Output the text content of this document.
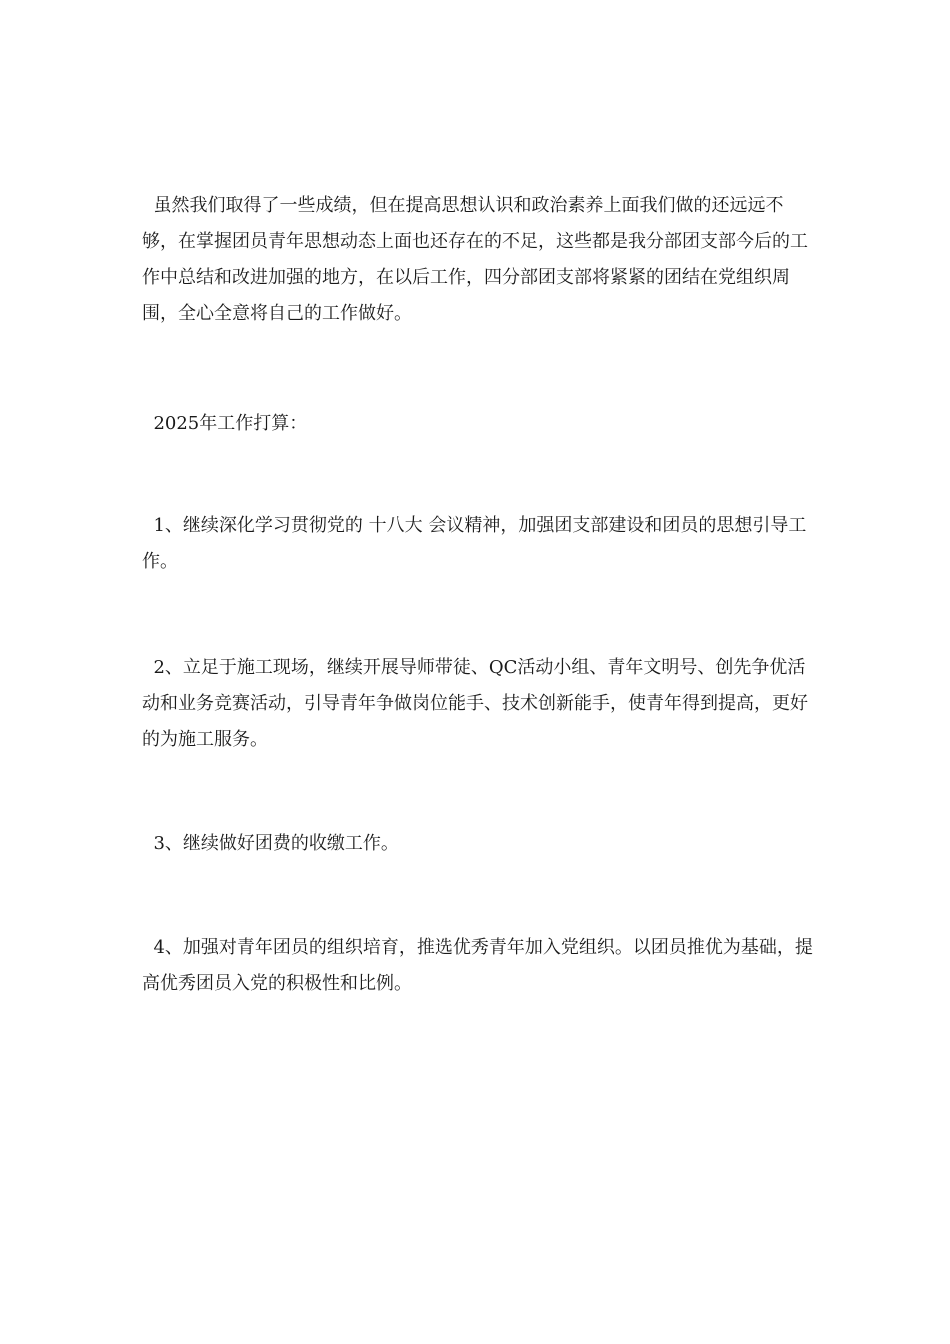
虽然我们取得了一些成绩，但在提高思想认识和政治素养上面我们做的还远远不够，在掌握团员青年思想动态上面也还存在的不足，这些都是我分部团支部今后的工作中总结和改进加强的地方，在以后工作，四分部团支部将紧紧的团结在党组织周围，全心全意将自己的工作做好。

2025年工作打算：

1、继续深化学习贯彻党的 十八大 会议精神，加强团支部建设和团员的思想引导工作。

2、立足于施工现场，继续开展导师带徒、QC活动小组、青年文明号、创先争优活动和业务竞赛活动，引导青年争做岗位能手、技术创新能手，使青年得到提高，更好的为施工服务。

3、继续做好团费的收缴工作。

4、加强对青年团员的组织培育，推选优秀青年加入党组织。以团员推优为基础，提高优秀团员入党的积极性和比例。
